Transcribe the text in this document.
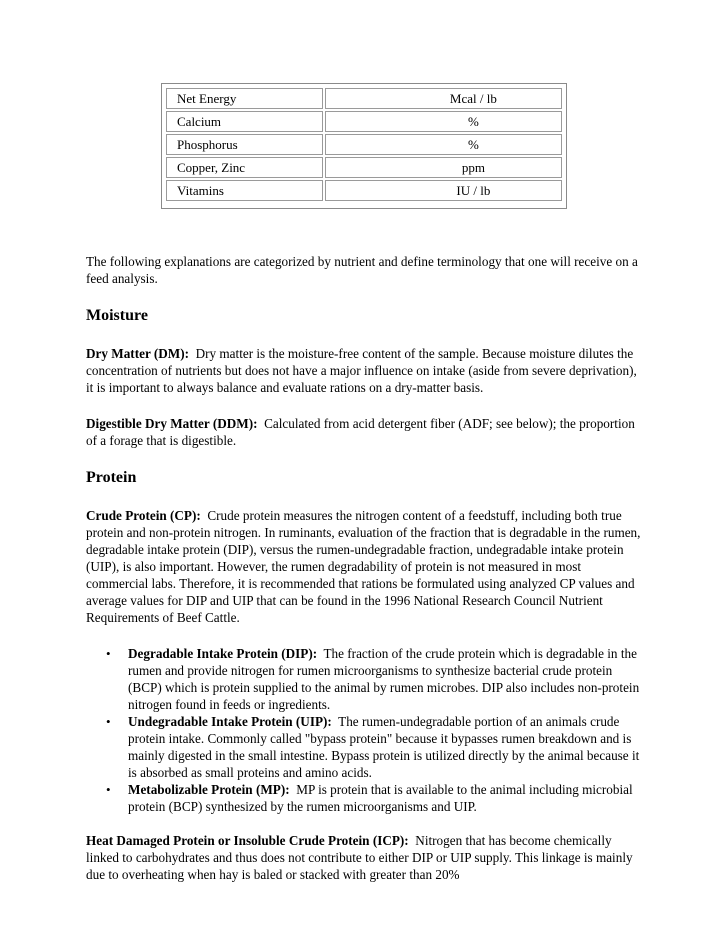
Net Energy	Mcal / lb
Calcium	%
Phosphorus	%
Copper, Zinc	ppm
Vitamins	IU / lb

The following explanations are categorized by nutrient and define terminology that one will receive on a feed analysis.

Moisture

Dry Matter (DM): Dry matter is the moisture-free content of the sample. Because moisture dilutes the concentration of nutrients but does not have a major influence on intake (aside from severe deprivation), it is important to always balance and evaluate rations on a dry-matter basis.

Digestible Dry Matter (DDM): Calculated from acid detergent fiber (ADF; see below); the proportion of a forage that is digestible.

Protein

Crude Protein (CP): Crude protein measures the nitrogen content of a feedstuff, including both true protein and non-protein nitrogen. In ruminants, evaluation of the fraction that is degradable in the rumen, degradable intake protein (DIP), versus the rumen-undegradable fraction, undegradable intake protein (UIP), is also important. However, the rumen degradability of protein is not measured in most commercial labs. Therefore, it is recommended that rations be formulated using analyzed CP values and average values for DIP and UIP that can be found in the 1996 National Research Council Nutrient Requirements of Beef Cattle.

• Degradable Intake Protein (DIP): The fraction of the crude protein which is degradable in the rumen and provide nitrogen for rumen microorganisms to synthesize bacterial crude protein (BCP) which is protein supplied to the animal by rumen microbes. DIP also includes non-protein nitrogen found in feeds or ingredients.
• Undegradable Intake Protein (UIP): The rumen-undegradable portion of an animals crude protein intake. Commonly called "bypass protein" because it bypasses rumen breakdown and is mainly digested in the small intestine. Bypass protein is utilized directly by the animal because it is absorbed as small proteins and amino acids.
• Metabolizable Protein (MP): MP is protein that is available to the animal including microbial protein (BCP) synthesized by the rumen microorganisms and UIP.

Heat Damaged Protein or Insoluble Crude Protein (ICP): Nitrogen that has become chemically linked to carbohydrates and thus does not contribute to either DIP or UIP supply. This linkage is mainly due to overheating when hay is baled or stacked with greater than 20%
